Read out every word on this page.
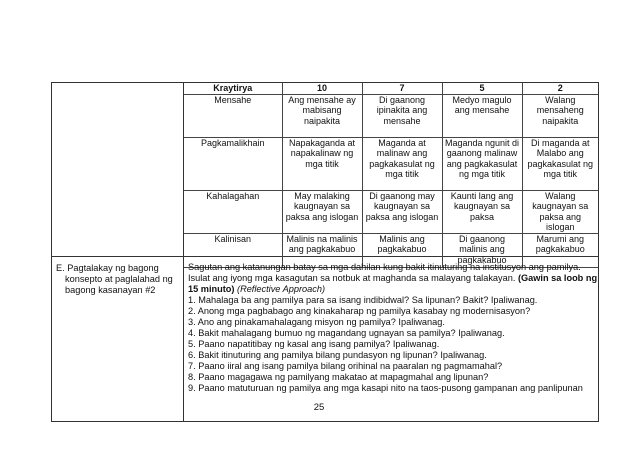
Kraytirya	10	7	5	2
Mensahe	Ang mensahe ay mabisang naipakita	Di gaanong ipinakita ang mensahe	Medyo magulo ang mensahe	Walang mensaheng naipakita
Pagkamalikhain	Napakaganda at napakalinaw ng mga titik	Maganda at malinaw ang pagkakasulat ng mga titik	Maganda ngunit di gaanong malinaw ang pagkakasulat ng mga titik	Di maganda at Malabo ang pagkakasulat ng mga titik
Kahalagahan	May malaking kaugnayan sa paksa ang islogan	Di gaanong may kaugnayan sa paksa ang islogan	Kaunti lang ang kaugnayan sa paksa	Walang kaugnayan sa paksa ang islogan
Kalinisan	Malinis na malinis ang pagkakabuo	Malinis ang pagkakabuo	Di gaanong malinis ang pagkakabuo	Marumi ang pagkakabuo
E. Pagtalakay ng bagong

konsepto at paglalahad ng
bagong kasanayan #2
Sagutan ang katanungan batay sa mga dahilan kung bakit itinuturing na institusyon ang pamilya. Isulat ang iyong mga kasagutan sa notbuk at maghanda sa malayang talakayan. (Gawin sa loob ng 15 minuto) (Reflective Approach)
1. Mahalaga ba ang pamilya para sa isang indibidwal? Sa lipunan? Bakit? Ipaliwanag.
2. Anong mga pagbabago ang kinakaharap ng pamilya kasabay ng modernisasyon?
3. Ano ang pinakamahalagang misyon ng pamilya? Ipaliwanag.
4. Bakit mahalagang bumuo ng magandang ugnayan sa pamilya? Ipaliwanag.
5. Paano napatitibay ng kasal ang isang pamilya? Ipaliwanag.
6. Bakit itinuturing ang pamilya bilang pundasyon ng lipunan? Ipaliwanag.
7. Paano iiral ang isang pamilya bilang orihinal na paaralan ng pagmamahal?
8. Paano magagawa ng pamilyang makatao at mapagmahal ang lipunan?
9. Paano matuturuan ng pamilya ang mga kasapi nito na taos-pusong gampanan ang panlipunan
25
